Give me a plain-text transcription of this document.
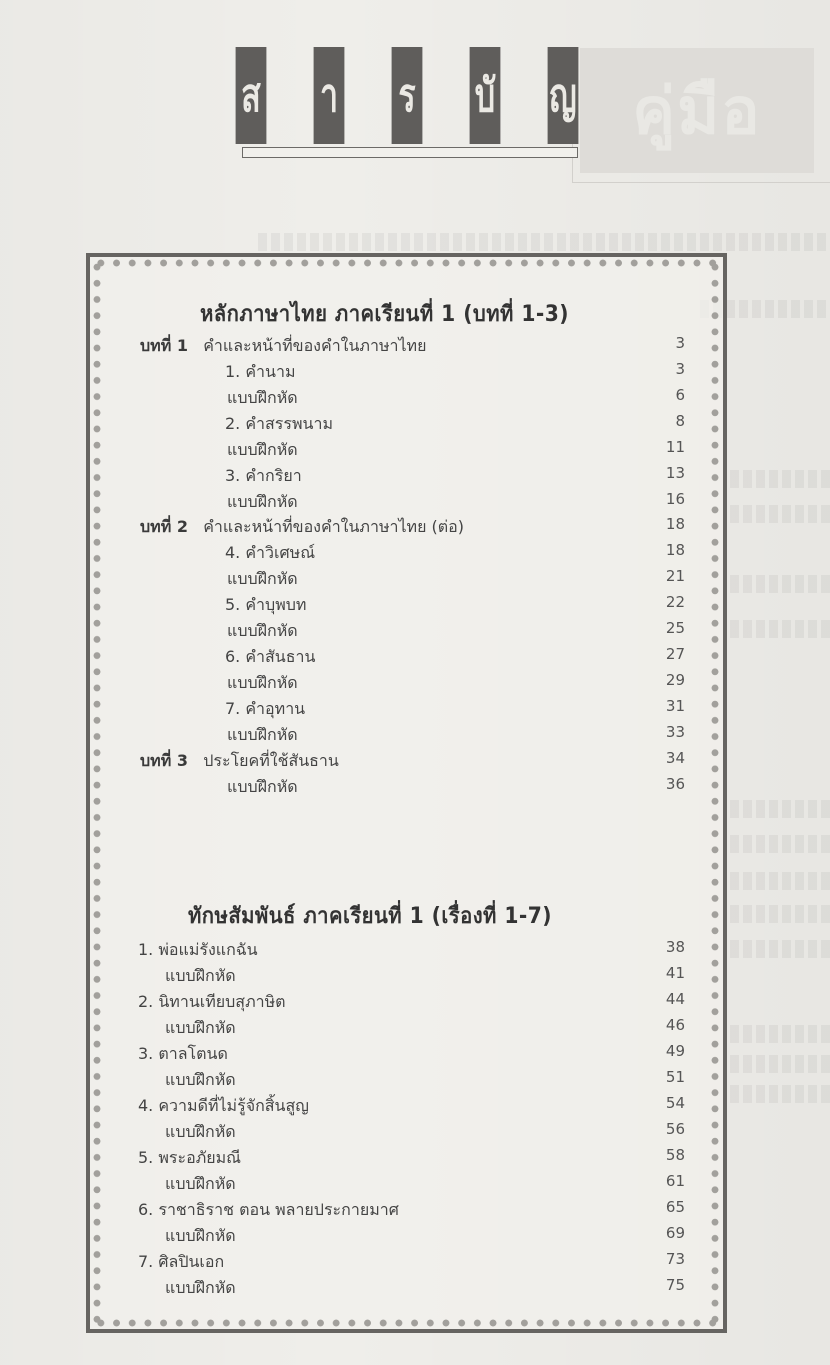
คู่มือ
ส า ร บั ญ
หลักภาษาไทย ภาคเรียนที่ 1 (บทที่ 1-3)
ทักษสัมพันธ์ ภาคเรียนที่ 1 (เรื่องที่ 1-7)
บทที่ 1 คำและหน้าที่ของคำในภาษาไทย	3
1. คำนาม	3
แบบฝึกหัด	6
2. คำสรรพนาม	8
แบบฝึกหัด	11
3. คำกริยา	13
แบบฝึกหัด	16
บทที่ 2 คำและหน้าที่ของคำในภาษาไทย (ต่อ)	18
4. คำวิเศษณ์	18
แบบฝึกหัด	21
5. คำบุพบท	22
แบบฝึกหัด	25
6. คำสันธาน	27
แบบฝึกหัด	29
7. คำอุทาน	31
แบบฝึกหัด	33
บทที่ 3 ประโยคที่ใช้สันธาน	34
แบบฝึกหัด	36
1. พ่อแม่รังแกฉัน	38
แบบฝึกหัด	41
2. นิทานเทียบสุภาษิต	44
แบบฝึกหัด	46
3. ตาลโตนด	49
แบบฝึกหัด	51
4. ความดีที่ไม่รู้จักสิ้นสูญ	54
แบบฝึกหัด	56
5. พระอภัยมณี	58
แบบฝึกหัด	61
6. ราชาธิราช ตอน พลายประกายมาศ	65
แบบฝึกหัด	69
7. ศิลปินเอก	73
แบบฝึกหัด	75
